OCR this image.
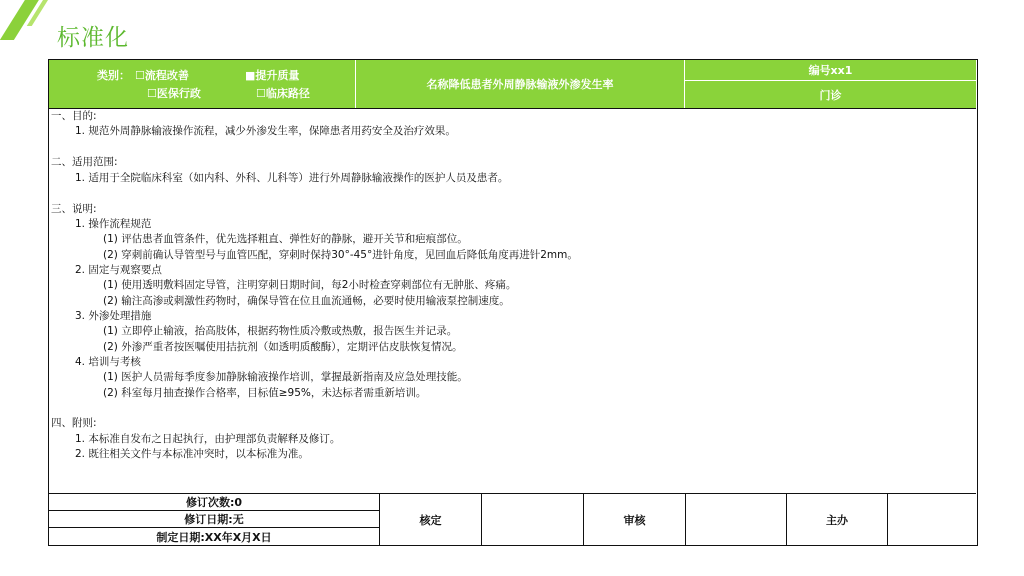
标准化
类别： ☐流程改善	■提升质量
☐医保行政	☐临床路径
名称降低患者外周静脉输液外渗发生率
编号xx1
门诊
一、目的:
1. 规范外周静脉输液操作流程，减少外渗发生率，保障患者用药安全及治疗效果。
二、适用范围:
1. 适用于全院临床科室（如内科、外科、儿科等）进行外周静脉输液操作的医护人员及患者。
三、说明:
1. 操作流程规范
(1) 评估患者血管条件，优先选择粗直、弹性好的静脉，避开关节和疤痕部位。
(2) 穿刺前确认导管型号与血管匹配，穿刺时保持30°-45°进针角度，见回血后降低角度再进针2mm。
2. 固定与观察要点
(1) 使用透明敷料固定导管，注明穿刺日期时间，每2小时检查穿刺部位有无肿胀、疼痛。
(2) 输注高渗或刺激性药物时，确保导管在位且血流通畅，必要时使用输液泵控制速度。
3. 外渗处理措施
(1) 立即停止输液，抬高肢体，根据药物性质冷敷或热敷，报告医生并记录。
(2) 外渗严重者按医嘱使用拮抗剂（如透明质酸酶），定期评估皮肤恢复情况。
4. 培训与考核
(1) 医护人员需每季度参加静脉输液操作培训，掌握最新指南及应急处理技能。
(2) 科室每月抽查操作合格率，目标值≥95%，未达标者需重新培训。
四、附则:
1. 本标准自发布之日起执行，由护理部负责解释及修订。
2. 既往相关文件与本标准冲突时，以本标准为准。
修订次数:0
修订日期:无
制定日期:XX年X月X日
核定	审核	主办
